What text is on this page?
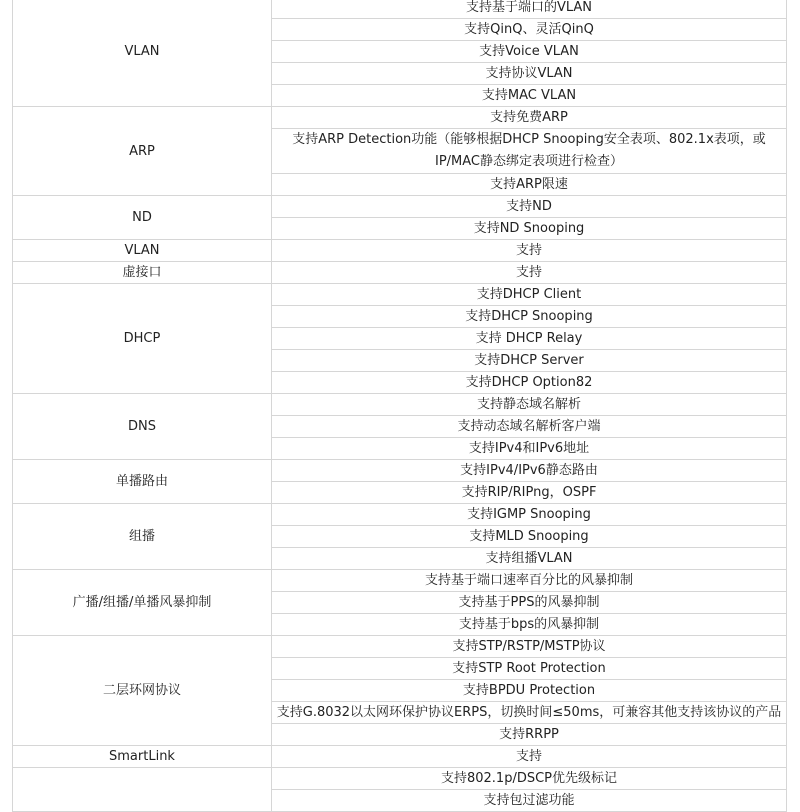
VLAN	支持基于端口的VLAN
	支持QinQ、灵活QinQ
	支持Voice VLAN
	支持协议VLAN
	支持MAC VLAN
ARP	支持免费ARP
	支持ARP Detection功能（能够根据DHCP Snooping安全表项、802.1x表项，或IP/MAC静态绑定表项进行检查）
	支持ARP限速
ND	支持ND
	支持ND Snooping
VLAN	支持
虚接口	支持
DHCP	支持DHCP Client
	支持DHCP Snooping
	支持 DHCP Relay
	支持DHCP Server
	支持DHCP Option82
DNS	支持静态域名解析
	支持动态域名解析客户端
	支持IPv4和IPv6地址
单播路由	支持IPv4/IPv6静态路由
	支持RIP/RIPng，OSPF
组播	支持IGMP Snooping
	支持MLD Snooping
	支持组播VLAN
广播/组播/单播风暴抑制	支持基于端口速率百分比的风暴抑制
	支持基于PPS的风暴抑制
	支持基于bps的风暴抑制
二层环网协议	支持STP/RSTP/MSTP协议
	支持STP Root Protection
	支持BPDU Protection
	支持G.8032以太网环保护协议ERPS，切换时间≤50ms，可兼容其他支持该协议的产品
	支持RRPP
SmartLink	支持
	支持802.1p/DSCP优先级标记
	支持包过滤功能
